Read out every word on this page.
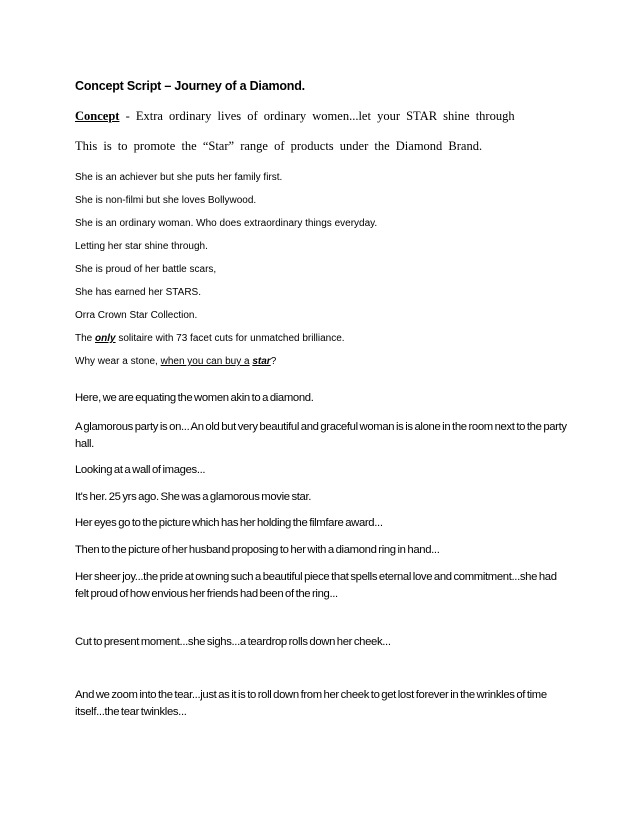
Concept Script – Journey of a Diamond.
Concept - Extra ordinary lives of ordinary women...let your STAR shine through
This is to promote the “Star” range of products under the Diamond Brand.
She is an achiever but she puts her family first.
She is non-filmi but she loves Bollywood.
She is an ordinary woman. Who does extraordinary things everyday.
Letting her star shine through.
She is proud of her battle scars,
She has earned her STARS.
Orra Crown Star Collection.
The only solitaire with 73 facet cuts for unmatched brilliance.
Why wear a stone, when you can buy a star?
Here, we are equating the women akin to a diamond.
A glamorous party is on... An old but very beautiful and graceful woman is is alone in the room next to the party hall.
Looking at a wall of images...
It's her. 25 yrs ago. She was a glamorous movie star.
Her eyes go to the picture which has her holding the filmfare award...
Then to the picture of her husband proposing to her with a diamond ring in hand...
Her sheer joy...the pride at owning such a beautiful piece that spells eternal love and commitment...she had felt proud of how envious her friends had been of the ring...
Cut to present moment...she sighs...a teardrop rolls down her cheek...
And we zoom into the tear...just as it is to roll down from her cheek to get lost forever in the wrinkles of time itself...the tear twinkles...
